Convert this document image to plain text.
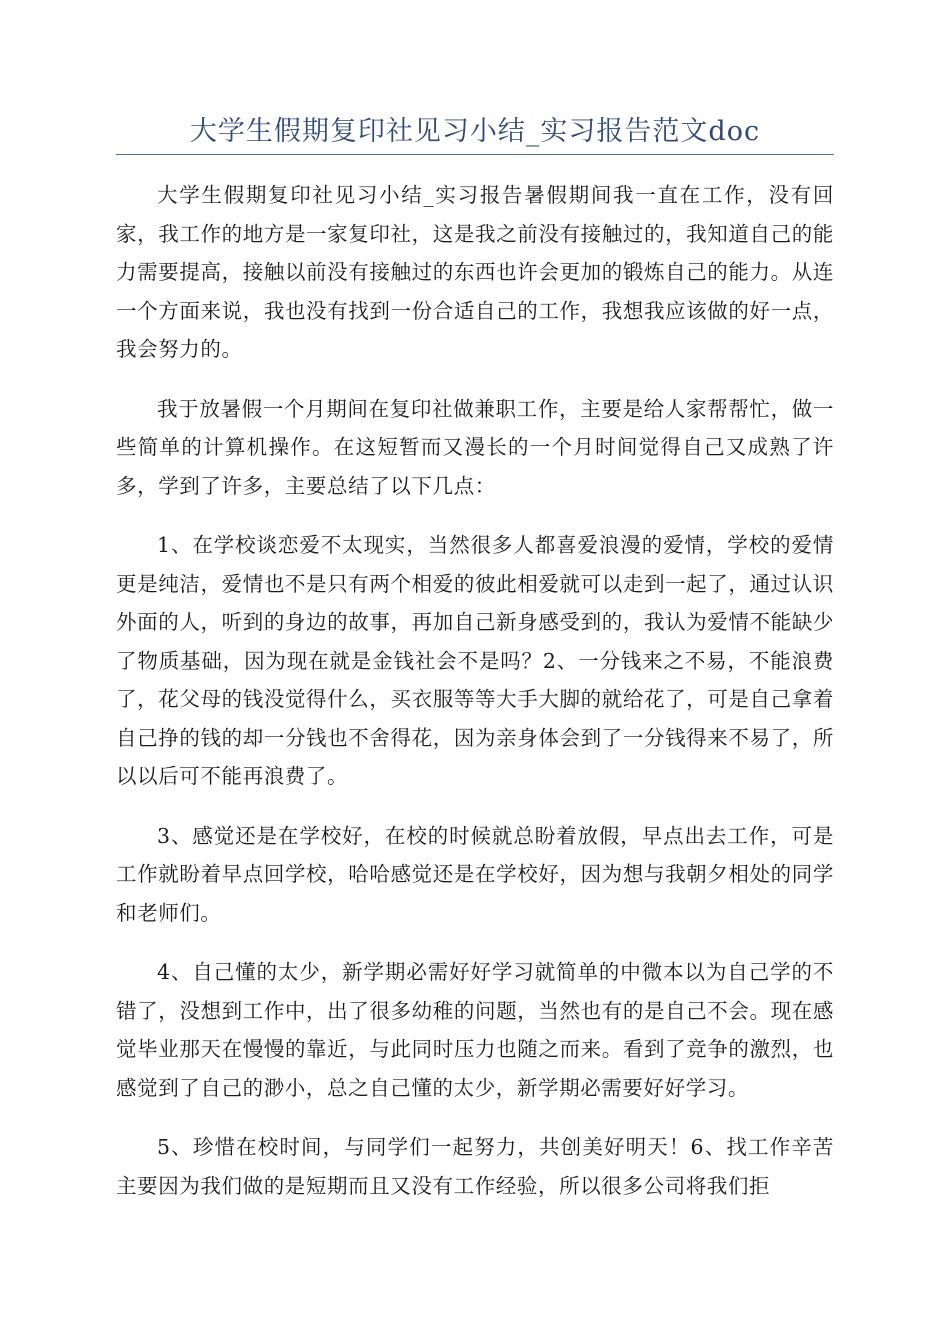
大学生假期复印社见习小结_实习报告范文doc

大学生假期复印社见习小结_实习报告暑假期间我一直在工作，没有回家，我工作的地方是一家复印社，这是我之前没有接触过的，我知道自己的能力需要提高，接触以前没有接触过的东西也许会更加的锻炼自己的能力。从连一个方面来说，我也没有找到一份合适自己的工作，我想我应该做的好一点，我会努力的。

我于放暑假一个月期间在复印社做兼职工作，主要是给人家帮帮忙，做一些简单的计算机操作。在这短暂而又漫长的一个月时间觉得自己又成熟了许多，学到了许多，主要总结了以下几点：

1、在学校谈恋爱不太现实，当然很多人都喜爱浪漫的爱情，学校的爱情更是纯洁，爱情也不是只有两个相爱的彼此相爱就可以走到一起了，通过认识外面的人，听到的身边的故事，再加自己新身感受到的，我认为爱情不能缺少了物质基础，因为现在就是金钱社会不是吗？2、一分钱来之不易，不能浪费了，花父母的钱没觉得什么，买衣服等等大手大脚的就给花了，可是自己拿着自己挣的钱的却一分钱也不舍得花，因为亲身体会到了一分钱得来不易了，所以以后可不能再浪费了。

3、感觉还是在学校好，在校的时候就总盼着放假，早点出去工作，可是工作就盼着早点回学校，哈哈感觉还是在学校好，因为想与我朝夕相处的同学和老师们。

4、自己懂的太少，新学期必需好好学习就简单的中微本以为自己学的不错了，没想到工作中，出了很多幼稚的问题，当然也有的是自己不会。现在感觉毕业那天在慢慢的靠近，与此同时压力也随之而来。看到了竞争的激烈，也感觉到了自己的渺小，总之自己懂的太少，新学期必需要好好学习。

5、珍惜在校时间，与同学们一起努力，共创美好明天！6、找工作辛苦主要因为我们做的是短期而且又没有工作经验，所以很多公司将我们拒
